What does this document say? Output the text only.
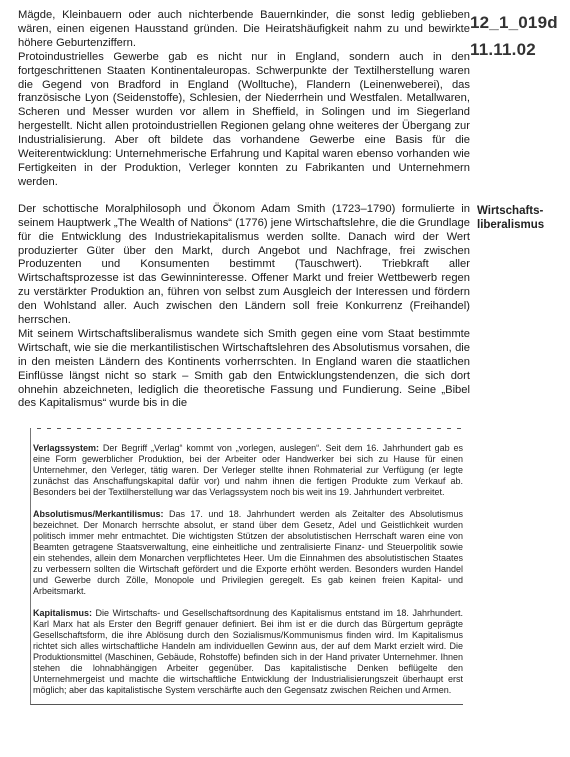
12_1_019d
11.11.02

Mägde, Kleinbauern oder auch nichterbende Bauernkinder, die sonst ledig geblieben wären, einen eigenen Hausstand gründen. Die Heiratshäufigkeit nahm zu und bewirkte höhere Geburtenziffern.

Protoindustrielles Gewerbe gab es nicht nur in England, sondern auch in den fortgeschrittenen Staaten Kontinentaleuropas. Schwerpunkte der Textilherstellung waren die Gegend von Bradford in England (Wolltuche), Flandern (Leinenweberei), das französische Lyon (Seidenstoffe), Schlesien, der Niederrhein und Westfalen. Metallwaren, Scheren und Messer wurden vor allem in Sheffield, in Solingen und im Siegerland hergestellt. Nicht allen protoindustriellen Regionen gelang ohne weiteres der Übergang zur Industrialisierung. Aber oft bildete das vorhandene Gewerbe eine Basis für die Weiterentwicklung: Unternehmerische Erfahrung und Kapital waren ebenso vorhanden wie Fertigkeiten in der Produktion, Verleger konnten zu Fabrikanten und Unternehmern werden.

Der schottische Moralphilosoph und Ökonom Adam Smith (1723–1790) formulierte in seinem Hauptwerk „The Wealth of Nations“ (1776) jene Wirtschaftslehre, die die Grundlage für die Entwicklung des Industriekapitalismus werden sollte. Danach wird der Wert produzierter Güter über den Markt, durch Angebot und Nachfrage, frei zwischen Produzenten und Konsumenten bestimmt (Tauschwert). Triebkraft aller Wirtschaftsprozesse ist das Gewinninteresse. Offener Markt und freier Wettbewerb regen zu verstärkter Produktion an, führen von selbst zum Ausgleich der Interessen und fördern den Wohlstand aller. Auch zwischen den Ländern soll freie Konkurrenz (Freihandel) herrschen.

Mit seinem Wirtschaftsliberalismus wandete sich Smith gegen eine vom Staat bestimmte Wirtschaft, wie sie die merkantilistischen Wirtschaftslehren des Absolutismus vorsahen, die in den meisten Ländern des Kontinents vorherrschten. In England waren die staatlichen Einflüsse längst nicht so stark – Smith gab den Entwicklungstendenzen, die sich dort ohnehin abzeichneten, lediglich die theoretische Fassung und Fundierung. Seine „Bibel des Kapitalismus“ wurde bis in die

Wirtschafts-
liberalismus

Verlagssystem: Der Begriff „Verlag“ kommt von „vorlegen, auslegen“. Seit dem 16. Jahrhundert gab es eine Form gewerblicher Produktion, bei der Arbeiter oder Handwerker bei sich zu Hause für einen Unternehmer, den Verleger, tätig waren. Der Verleger stellte ihnen Rohmaterial zur Verfügung (er legte zunächst das Anschaffungskapital dafür vor) und nahm ihnen die fertigen Produkte zum Verkauf ab. Besonders bei der Textilherstellung war das Verlagssystem noch bis weit ins 19. Jahrhundert verbreitet.

Absolutismus/Merkantilismus: Das 17. und 18. Jahrhundert werden als Zeitalter des Absolutismus bezeichnet. Der Monarch herrschte absolut, er stand über dem Gesetz, Adel und Geistlichkeit wurden politisch immer mehr entmachtet. Die wichtigsten Stützen der absolutistischen Herrschaft waren eine von Beamten getragene Staatsverwaltung, eine einheitliche und zentralisierte Finanz- und Steuerpolitik sowie ein stehendes, allein dem Monarchen verpflichtetes Heer. Um die Einnahmen des absolutistischen Staates zu verbessern sollten die Wirtschaft gefördert und die Exporte erhöht werden. Besonders wurden Handel und Gewerbe durch Zölle, Monopole und Privilegien geregelt. Es gab keinen freien Kapital- und Arbeitsmarkt.

Kapitalismus: Die Wirtschafts- und Gesellschaftsordnung des Kapitalismus entstand im 18. Jahrhundert. Karl Marx hat als Erster den Begriff genauer definiert. Bei ihm ist er die durch das Bürgertum geprägte Gesellschaftsform, die ihre Ablösung durch den Sozialismus/Kommunismus finden wird. Im Kapitalismus richtet sich alles wirtschaftliche Handeln am individuellen Gewinn aus, der auf dem Markt erzielt wird. Die Produktionsmittel (Maschinen, Gebäude, Rohstoffe) befinden sich in der Hand privater Unternehmer. Ihnen stehen die lohnabhängigen Arbeiter gegenüber. Das kapitalistische Denken beflügelte den Unternehmergeist und machte die wirtschaftliche Entwicklung der Industrialisierungszeit überhaupt erst möglich; aber das kapitalistische System verschärfte auch den Gegensatz zwischen Reichen und Armen.
